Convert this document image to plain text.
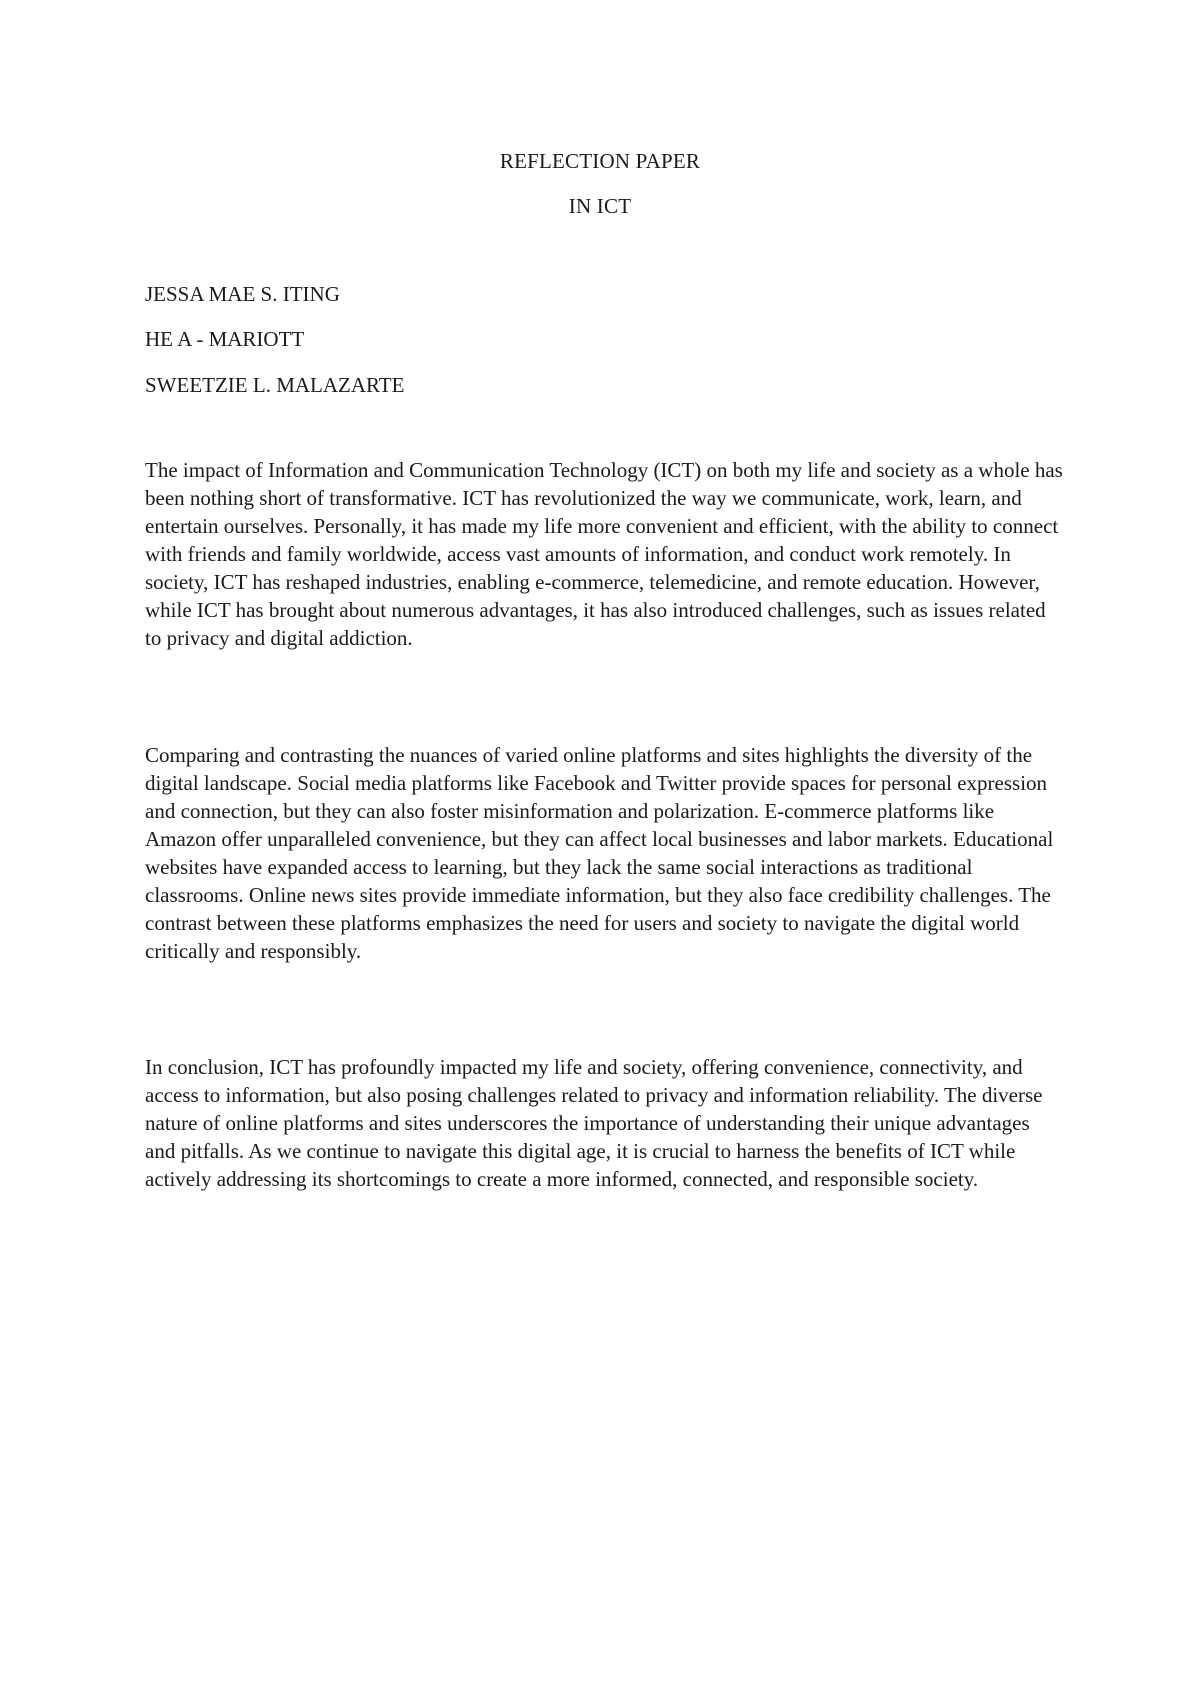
REFLECTION PAPER
IN ICT
JESSA MAE S. ITING
HE A - MARIOTT
SWEETZIE L. MALAZARTE

The impact of Information and Communication Technology (ICT) on both my life and society as a whole has been nothing short of transformative. ICT has revolutionized the way we communicate, work, learn, and entertain ourselves. Personally, it has made my life more convenient and efficient, with the ability to connect with friends and family worldwide, access vast amounts of information, and conduct work remotely. In society, ICT has reshaped industries, enabling e-commerce, telemedicine, and remote education. However, while ICT has brought about numerous advantages, it has also introduced challenges, such as issues related to privacy and digital addiction.

Comparing and contrasting the nuances of varied online platforms and sites highlights the diversity of the digital landscape. Social media platforms like Facebook and Twitter provide spaces for personal expression and connection, but they can also foster misinformation and polarization. E-commerce platforms like Amazon offer unparalleled convenience, but they can affect local businesses and labor markets. Educational websites have expanded access to learning, but they lack the same social interactions as traditional classrooms. Online news sites provide immediate information, but they also face credibility challenges. The contrast between these platforms emphasizes the need for users and society to navigate the digital world critically and responsibly.

In conclusion, ICT has profoundly impacted my life and society, offering convenience, connectivity, and access to information, but also posing challenges related to privacy and information reliability. The diverse nature of online platforms and sites underscores the importance of understanding their unique advantages and pitfalls. As we continue to navigate this digital age, it is crucial to harness the benefits of ICT while actively addressing its shortcomings to create a more informed, connected, and responsible society.
